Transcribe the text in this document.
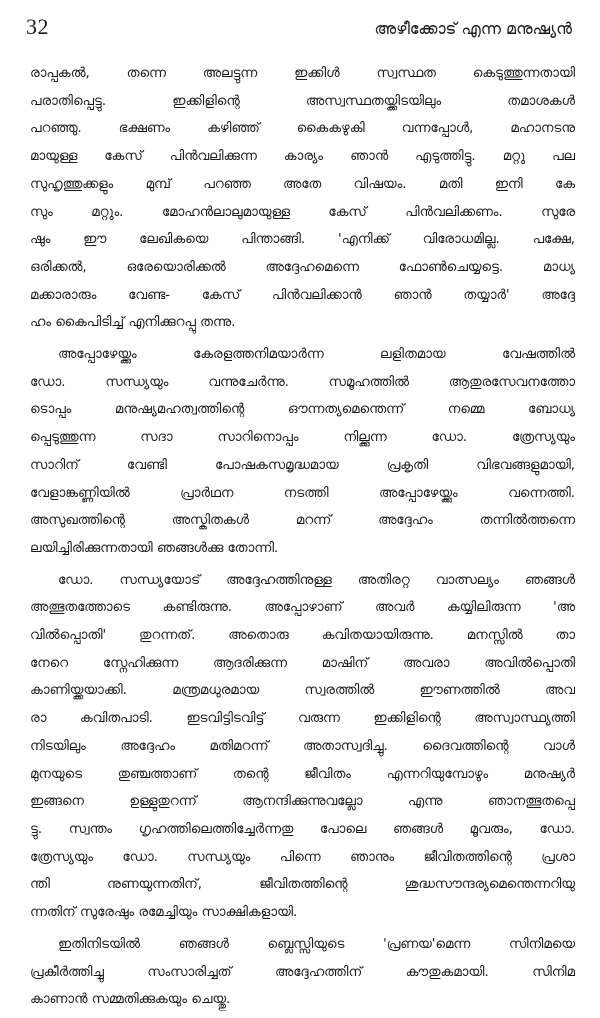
32	അഴീക്കോട് എന്ന മനുഷ്യൻ

രാപ്പകൽ, തന്നെ അലട്ടുന്ന ഇക്കിൾ സ്വസ്ഥത കെടുത്തുന്നതായി
പരാതിപ്പെട്ടു. ഇക്കിളിന്റെ അസ്വസ്ഥതയ്ക്കിടയിലും തമാശകൾ
പറഞ്ഞു. ഭക്ഷണം കഴിഞ്ഞ് കൈകഴുകി വന്നപ്പോൾ, മഹാനടനു
മായുള്ള കേസ് പിൻവലിക്കുന്ന കാര്യം ഞാൻ എടുത്തിട്ടു. മറ്റു പല
സുഹൃത്തുക്കളും മുമ്പ് പറഞ്ഞ അതേ വിഷയം. മതി ഇനി കേ
സും മറ്റും. മോഹൻലാലുമായുള്ള കേസ് പിൻവലിക്കണം. സുരേ
ഷും ഈ ലേഖികയെ പിന്താങ്ങി. 'എനിക്ക് വിരോധമില്ല. പക്ഷേ,
ഒരിക്കൽ, ഒരേയൊരിക്കൽ അദ്ദേഹമെന്നെ ഫോൺചെയ്യട്ടെ. മാധ്യ
മക്കാരാരും വേണ്ട- കേസ് പിൻവലിക്കാൻ ഞാൻ തയ്യാർ' അദ്ദേ
ഹം കൈപിടിച്ച് എനിക്കുറപ്പു തന്നു.

അപ്പോഴേയ്ക്കും കേരളത്തനിമയാർന്ന ലളിതമായ വേഷത്തിൽ
ഡോ. സന്ധ്യയും വന്നുചേർന്നു. സമൂഹത്തിൽ ആതുരസേവനത്തോ
ടൊപ്പം മനുഷ്യമഹത്വത്തിന്റെ ഔന്നത്യമെന്തെന്ന് നമ്മെ ബോധ്യ
പ്പെടുത്തുന്ന സദാ സാറിനൊപ്പം നില്ക്കുന്ന ഡോ. ത്രേസ്യയും
സാറിന് വേണ്ടി പോഷകസമൃദ്ധമായ പ്രകൃതി വിഭവങ്ങളുമായി,
വേളാങ്കണ്ണിയിൽ പ്രാർഥന നടത്തി അപ്പോഴേയ്ക്കും വന്നെത്തി.
അസുഖത്തിന്റെ അസ്കിതകൾ മറന്ന് അദ്ദേഹം തന്നിൽത്തന്നെ
ലയിച്ചിരിക്കുന്നതായി ഞങ്ങൾക്കു തോന്നി.

ഡോ. സന്ധ്യയോട് അദ്ദേഹത്തിനുള്ള അതിരറ്റ വാത്സല്യം ഞങ്ങൾ
അത്ഭുതത്തോടെ കണ്ടിരുന്നു. അപ്പോഴാണ് അവർ കയ്യിലിരുന്ന 'അ
വിൽപ്പൊതി' തുറന്നത്. അതൊരു കവിതയായിരുന്നു. മനസ്സിൽ താ
നേറെ സ്നേഹിക്കുന്ന ആദരിക്കുന്ന മാഷിന് അവരാ അവിൽപ്പൊതി
കാണിയ്ക്കയാക്കി. മന്ത്രമധുരമായ സ്വരത്തിൽ ഈണത്തിൽ അവ
രാ കവിതപാടി. ഇടവിട്ടിടവിട്ട് വരുന്ന ഇക്കിളിന്റെ അസ്വാസ്ഥ്യത്തി
നിടയിലും അദ്ദേഹം മതിമറന്ന് അതാസ്വദിച്ചു. ദൈവത്തിന്റെ വാൾ
മുനയുടെ തുഞ്ചത്താണ് തന്റെ ജീവിതം എന്നറിയുമ്പോഴും മനുഷ്യർ
ഇങ്ങനെ ഉള്ളുതുറന്ന് ആനന്ദിക്കുന്നുവല്ലോ എന്നു ഞാനത്ഭുതപ്പെ
ട്ടു. സ്വന്തം ഗൃഹത്തിലെത്തിച്ചേർന്നതു പോലെ ഞങ്ങൾ മൂവരും, ഡോ.
ത്രേസ്യയും ഡോ. സന്ധ്യയും പിന്നെ ഞാനും ജീവിതത്തിന്റെ പ്രശാ
ന്തി നുണയുന്നതിന്, ജീവിതത്തിന്റെ ശുദ്ധസൗന്ദര്യമെന്തെന്നറിയു
ന്നതിന് സുരേഷും രമേച്ചിയും സാക്ഷികളായി.

ഇതിനിടയിൽ ഞങ്ങൾ ബ്ലെസ്സിയുടെ 'പ്രണയ'മെന്ന സിനിമയെ
പ്രകീർത്തിച്ചു സംസാരിച്ചത് അദ്ദേഹത്തിന് കൗതുകമായി. സിനിമ
കാണാൻ സമ്മതിക്കുകയും ചെയ്തു.
